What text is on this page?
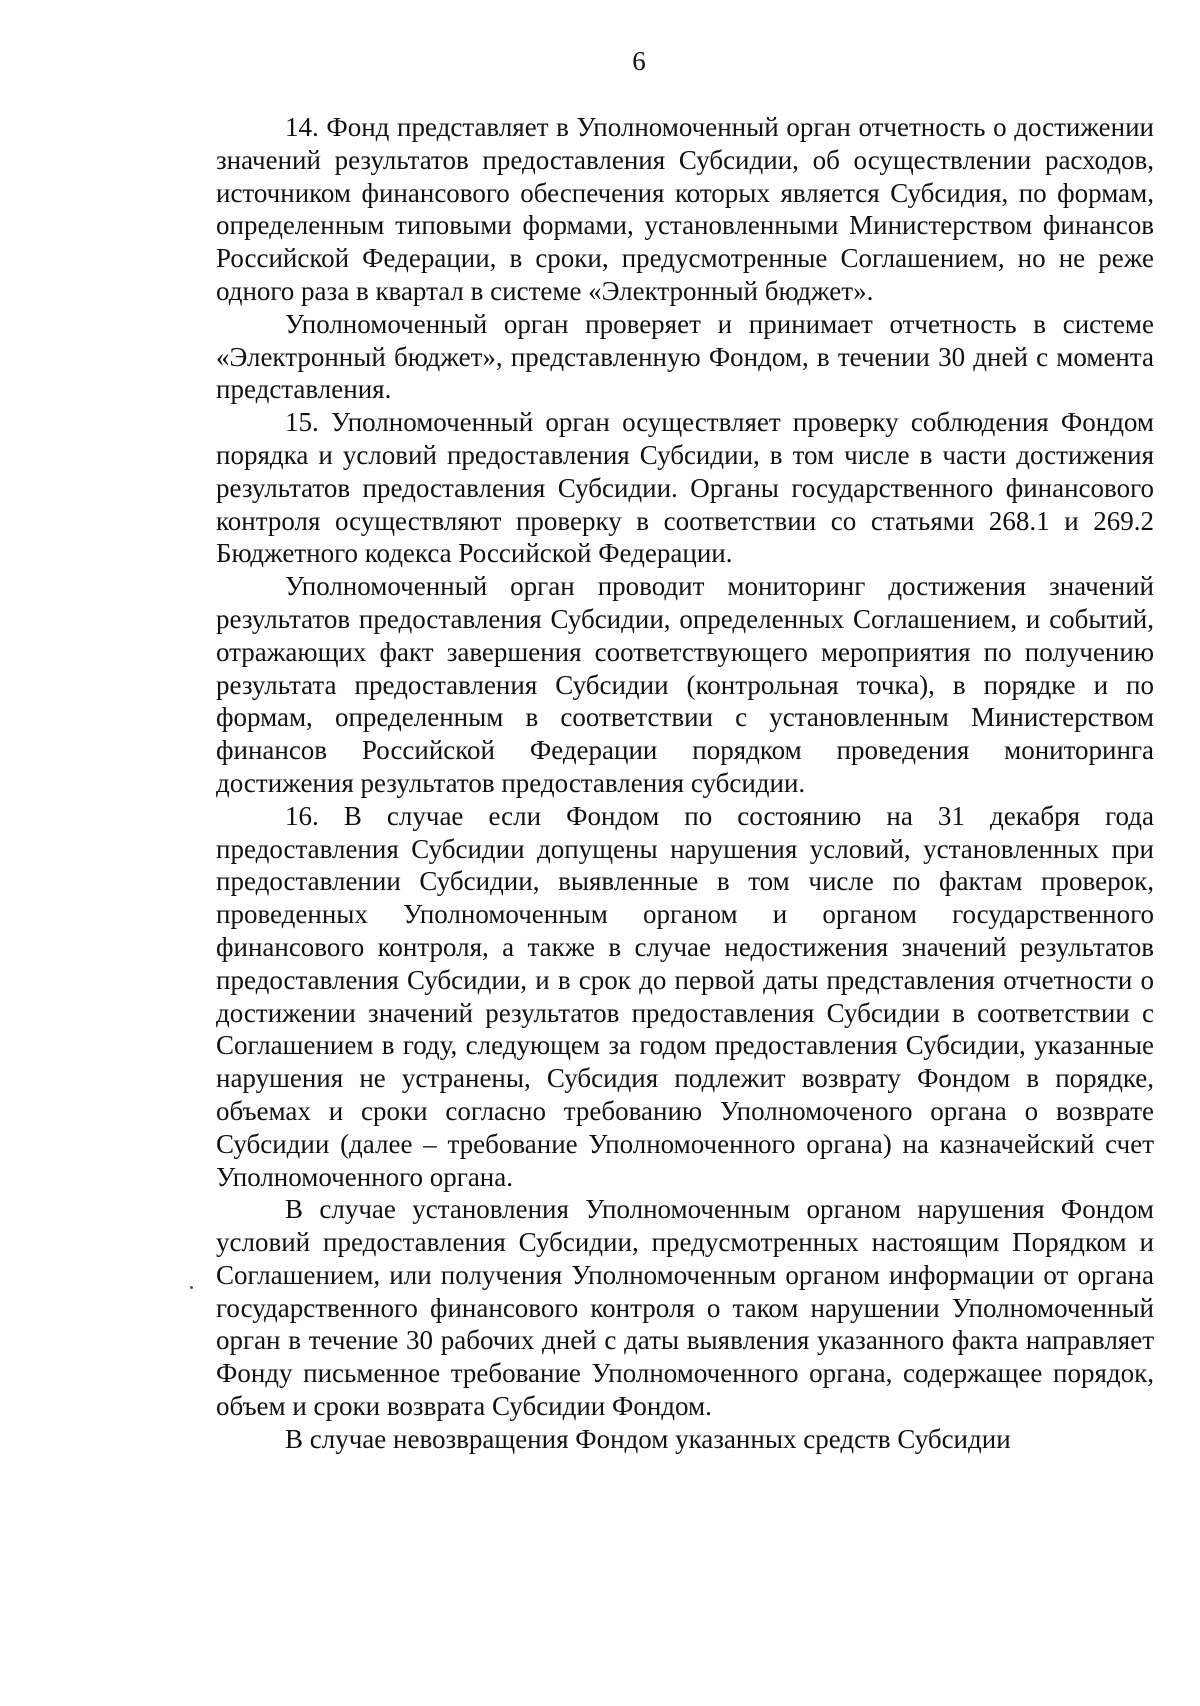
6

14. Фонд представляет в Уполномоченный орган отчетность о достижении значений результатов предоставления Субсидии, об осуществлении расходов, источником финансового обеспечения которых является Субсидия, по формам, определенным типовыми формами, установленными Министерством финансов Российской Федерации, в сроки, предусмотренные Соглашением, но не реже одного раза в квартал в системе «Электронный бюджет».

Уполномоченный орган проверяет и принимает отчетность в системе «Электронный бюджет», представленную Фондом, в течении 30 дней с момента представления.

15. Уполномоченный орган осуществляет проверку соблюдения Фондом порядка и условий предоставления Субсидии, в том числе в части достижения результатов предоставления Субсидии. Органы государственного финансового контроля осуществляют проверку в соответствии со статьями 268.1 и 269.2 Бюджетного кодекса Российской Федерации.

Уполномоченный орган проводит мониторинг достижения значений результатов предоставления Субсидии, определенных Соглашением, и событий, отражающих факт завершения соответствующего мероприятия по получению результата предоставления Субсидии (контрольная точка), в порядке и по формам, определенным в соответствии с установленным Министерством финансов Российской Федерации порядком проведения мониторинга достижения результатов предоставления субсидии.

16. В случае если Фондом по состоянию на 31 декабря года предоставления Субсидии допущены нарушения условий, установленных при предоставлении Субсидии, выявленные в том числе по фактам проверок, проведенных Уполномоченным органом и органом государственного финансового контроля, а также в случае недостижения значений результатов предоставления Субсидии, и в срок до первой даты представления отчетности о достижении значений результатов предоставления Субсидии в соответствии с Соглашением в году, следующем за годом предоставления Субсидии, указанные нарушения не устранены, Субсидия подлежит возврату Фондом в порядке, объемах и сроки согласно требованию Уполномоченого органа о возврате Субсидии (далее – требование Уполномоченного органа) на казначейский счет Уполномоченного органа.

В случае установления Уполномоченным органом нарушения Фондом условий предоставления Субсидии, предусмотренных настоящим Порядком и Соглашением, или получения Уполномоченным органом информации от органа государственного финансового контроля о таком нарушении Уполномоченный орган в течение 30 рабочих дней с даты выявления указанного факта направляет Фонду письменное требование Уполномоченного органа, содержащее порядок, объем и сроки возврата Субсидии Фондом.

В случае невозвращения Фондом указанных средств Субсидии
